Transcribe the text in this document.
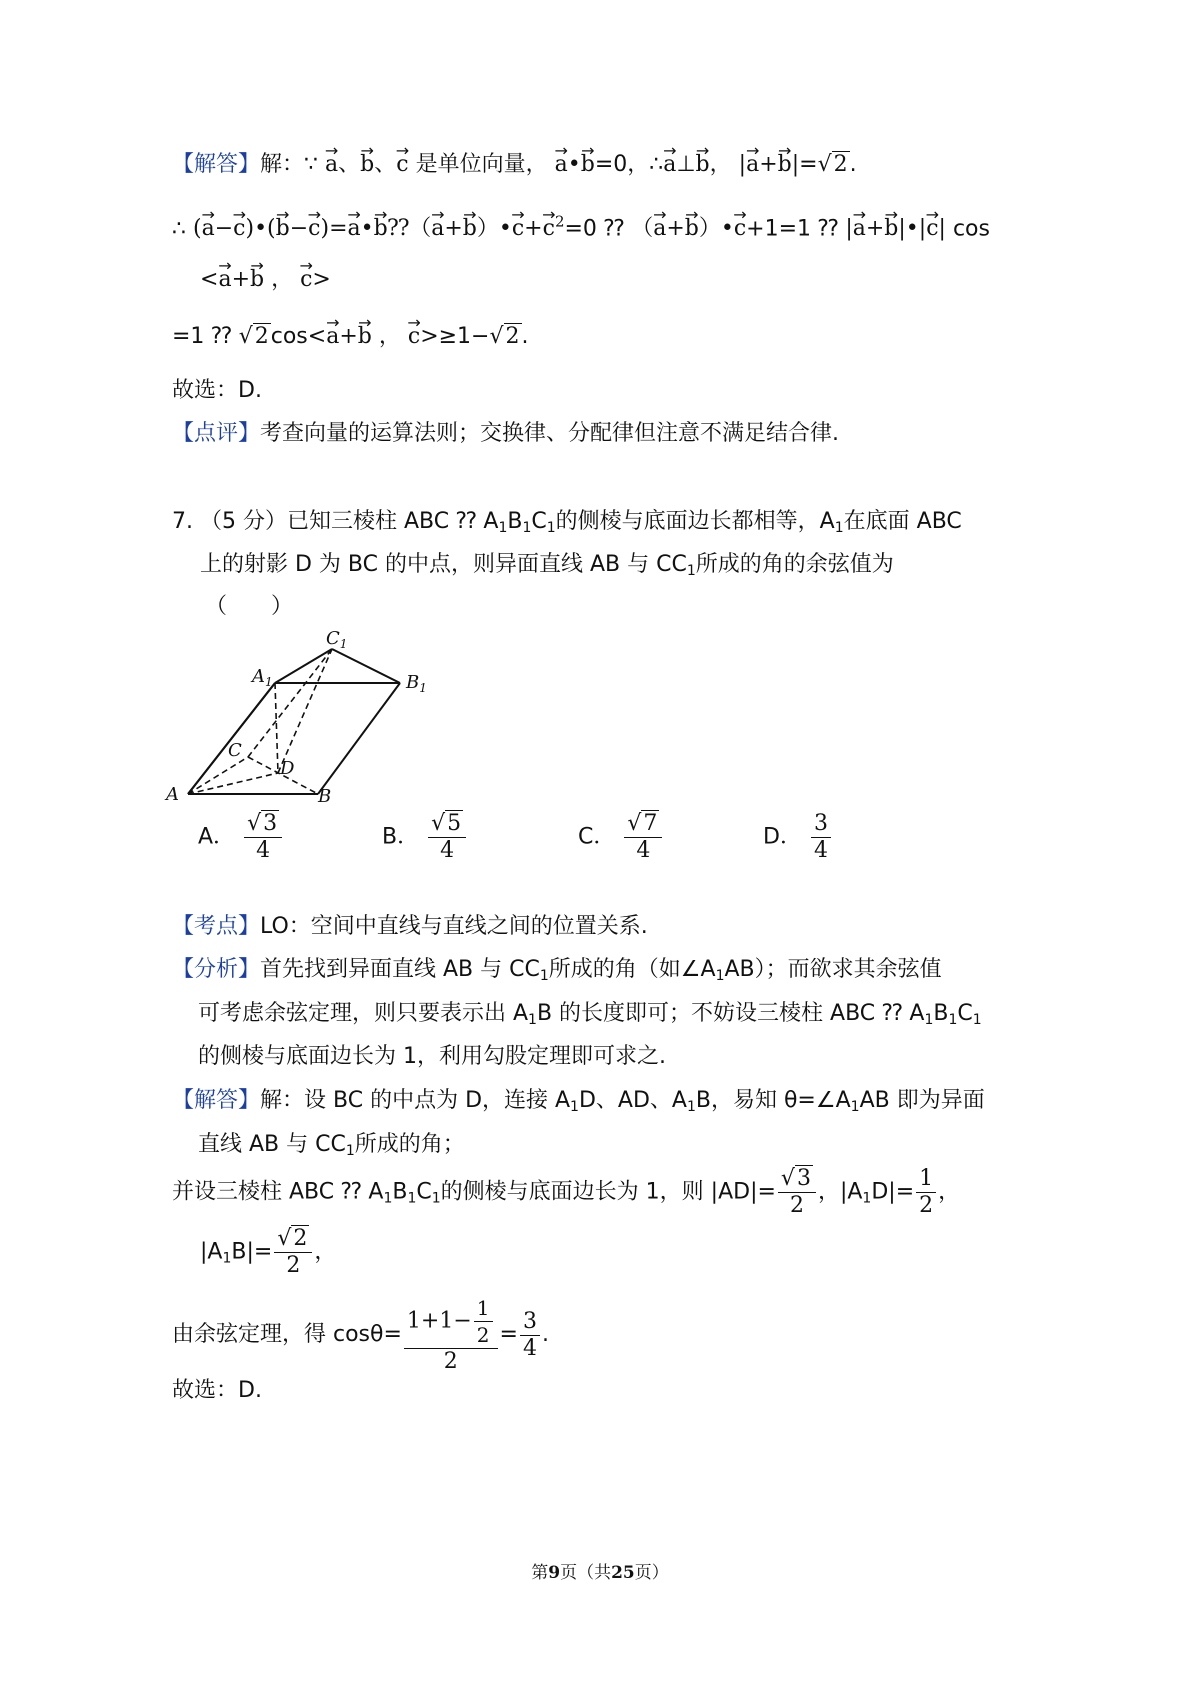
【解答】解：∵ → a、→ b、→ c 是单位向量， → a•→ b=0，∴→ a⊥→ b， |→ a+→ b|=√2.
∴ (→ a−→ c)•(→ b−→ c)=→ a•→ b⁇（→ a+→ b）•→ $c+\to c^2=0$ ⁇ （→ a+→ b）•→ c+1=1 ⁇ |→ a+→ b|•|→ c| cos
<→ a+→ b ， → c>
=1 ⁇ √2cos<→ a+→ b ， → c>≥1−√2.
故选：D.
【点评】考查向量的运算法则；交换律、分配律但注意不满足结合律.
7. （5 分）已知三棱柱 ABC ⁇ $A_1B_1C_1$的侧棱与底面边长都相等，$A_1$在底面 ABC
上的射影 D 为 BC 的中点，则异面直线 AB 与 $CC_1$所成的角的余弦值为
（　　）
$C_1$
$A_1$	$B_1$
C
D
A	B
A． $\frac{√3}{4}$	B． $\frac{√5}{4}$	C． $\frac{√7}{4}$	D． $\frac{3}{4}$
【考点】LO：空间中直线与直线之间的位置关系.
【分析】首先找到异面直线 AB 与 $CC_1$所成的角（如$\angle A_1AB$）；而欲求其余弦值
可考虑余弦定理，则只要表示出 $A_1B$ 的长度即可；不妨设三棱柱 ABC ⁇ $A_1B_1C_1$
的侧棱与底面边长为 1，利用勾股定理即可求之.
【解答】解：设 BC 的中点为 D，连接 $A_1D$、AD、$A_1B$，易知 $\theta=\angle A_1AB$ 即为异面
直线 AB 与 $CC_1$所成的角；
并设三棱柱 ABC ⁇ $A_1B_1C_1$的侧棱与底面边长为 1，则 $|AD|= \frac{√3}{2}$ ，$|A_1D|= \frac{1}{2}$ ，
$|A_1B|= \frac{√2}{2}$ ，
由余弦定理，得 $\cos\theta= \frac{1+1- \frac{1}{2}}{2} = \frac{3}{4}$ .
故选：D.
第9页（共25页）
